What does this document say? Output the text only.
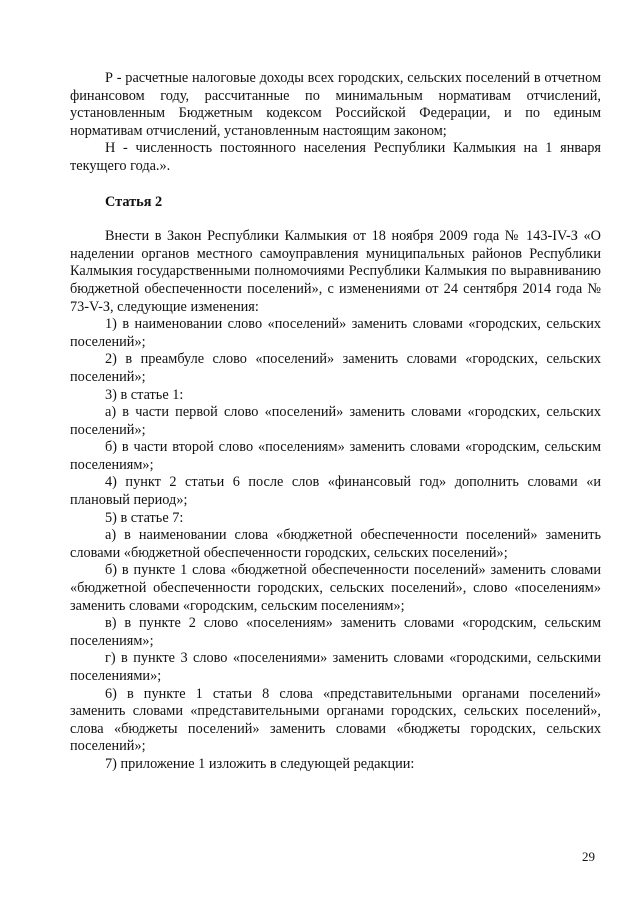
Р - расчетные налоговые доходы всех городских, сельских поселений в отчетном финансовом году, рассчитанные по минимальным нормативам отчислений, установленным Бюджетным кодексом Российской Федерации, и по единым нормативам отчислений, установленным настоящим законом;

Н - численность постоянного населения Республики Калмыкия на 1 января текущего года.».

Статья 2

Внести в Закон Республики Калмыкия от 18 ноября 2009 года № 143-IV-З «О наделении органов местного самоуправления муниципальных районов Республики Калмыкия государственными полномочиями Республики Калмыкия по выравниванию бюджетной обеспеченности поселений», с изменениями от 24 сентября 2014 года № 73-V-З, следующие изменения:

1) в наименовании слово «поселений» заменить словами «городских, сельских поселений»;

2) в преамбуле слово «поселений» заменить словами «городских, сельских поселений»;

3) в статье 1:

а) в части первой слово «поселений» заменить словами «городских, сельских поселений»;

б) в части второй слово «поселениям» заменить словами «городским, сельским поселениям»;

4) пункт 2 статьи 6 после слов «финансовый год» дополнить словами «и плановый период»;

5) в статье 7:

а) в наименовании слова «бюджетной обеспеченности поселений» заменить словами «бюджетной обеспеченности городских, сельских поселений»;

б) в пункте 1 слова «бюджетной обеспеченности поселений» заменить словами «бюджетной обеспеченности городских, сельских поселений», слово «поселениям» заменить словами «городским, сельским поселениям»;

в) в пункте 2 слово «поселениям» заменить словами «городским, сельским поселениям»;

г) в пункте 3 слово «поселениями» заменить словами «городскими, сельскими поселениями»;

6) в пункте 1 статьи 8 слова «представительными органами поселений» заменить словами «представительными органами городских, сельских поселений», слова «бюджеты поселений» заменить словами «бюджеты городских, сельских поселений»;

7) приложение 1 изложить в следующей редакции:

29
